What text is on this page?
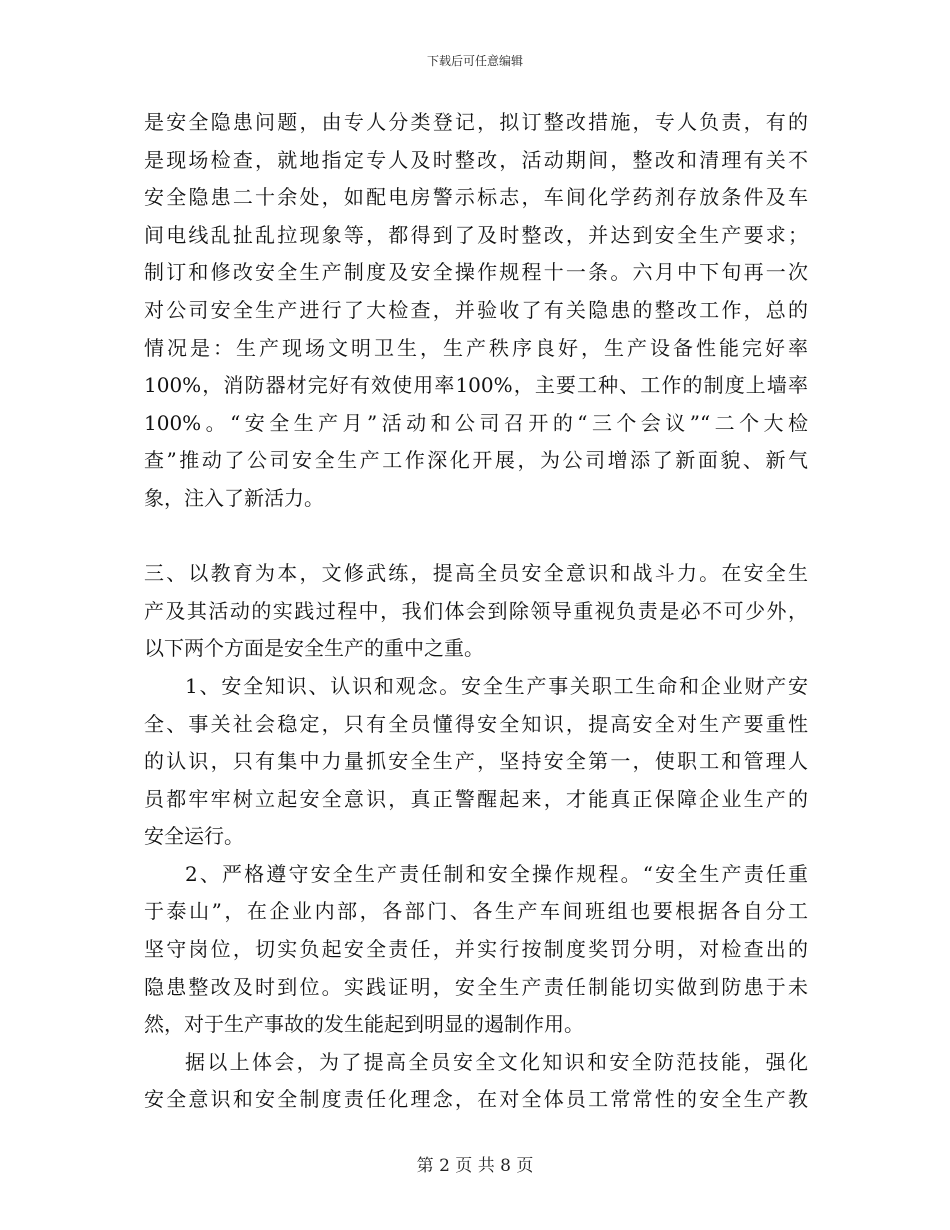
下载后可任意编辑
是安全隐患问题，由专人分类登记，拟订整改措施，专人负责，有的
是现场检查，就地指定专人及时整改，活动期间，整改和清理有关不
安全隐患二十余处，如配电房警示标志，车间化学药剂存放条件及车
间电线乱扯乱拉现象等，都得到了及时整改，并达到安全生产要求；
制订和修改安全生产制度及安全操作规程十一条。六月中下旬再一次
对公司安全生产进行了大检查，并验收了有关隐患的整改工作，总的
情况是：生产现场文明卫生，生产秩序良好，生产设备性能完好率
100%，消防器材完好有效使用率100%，主要工种、工作的制度上墙率
100%。“安全生产月”活动和公司召开的“三个会议”“二个大检
查”推动了公司安全生产工作深化开展，为公司增添了新面貌、新气
象，注入了新活力。
三、以教育为本，文修武练，提高全员安全意识和战斗力。在安全生
产及其活动的实践过程中，我们体会到除领导重视负责是必不可少外，
以下两个方面是安全生产的重中之重。
1、安全知识、认识和观念。安全生产事关职工生命和企业财产安
全、事关社会稳定，只有全员懂得安全知识，提高安全对生产要重性
的认识，只有集中力量抓安全生产，坚持安全第一，使职工和管理人
员都牢牢树立起安全意识，真正警醒起来，才能真正保障企业生产的
安全运行。
2、严格遵守安全生产责任制和安全操作规程。“安全生产责任重
于泰山”，在企业内部，各部门、各生产车间班组也要根据各自分工
坚守岗位，切实负起安全责任，并实行按制度奖罚分明，对检查出的
隐患整改及时到位。实践证明，安全生产责任制能切实做到防患于未
然，对于生产事故的发生能起到明显的遏制作用。
据以上体会，为了提高全员安全文化知识和安全防范技能，强化
安全意识和安全制度责任化理念，在对全体员工常常性的安全生产教
第 2 页 共 8 页
